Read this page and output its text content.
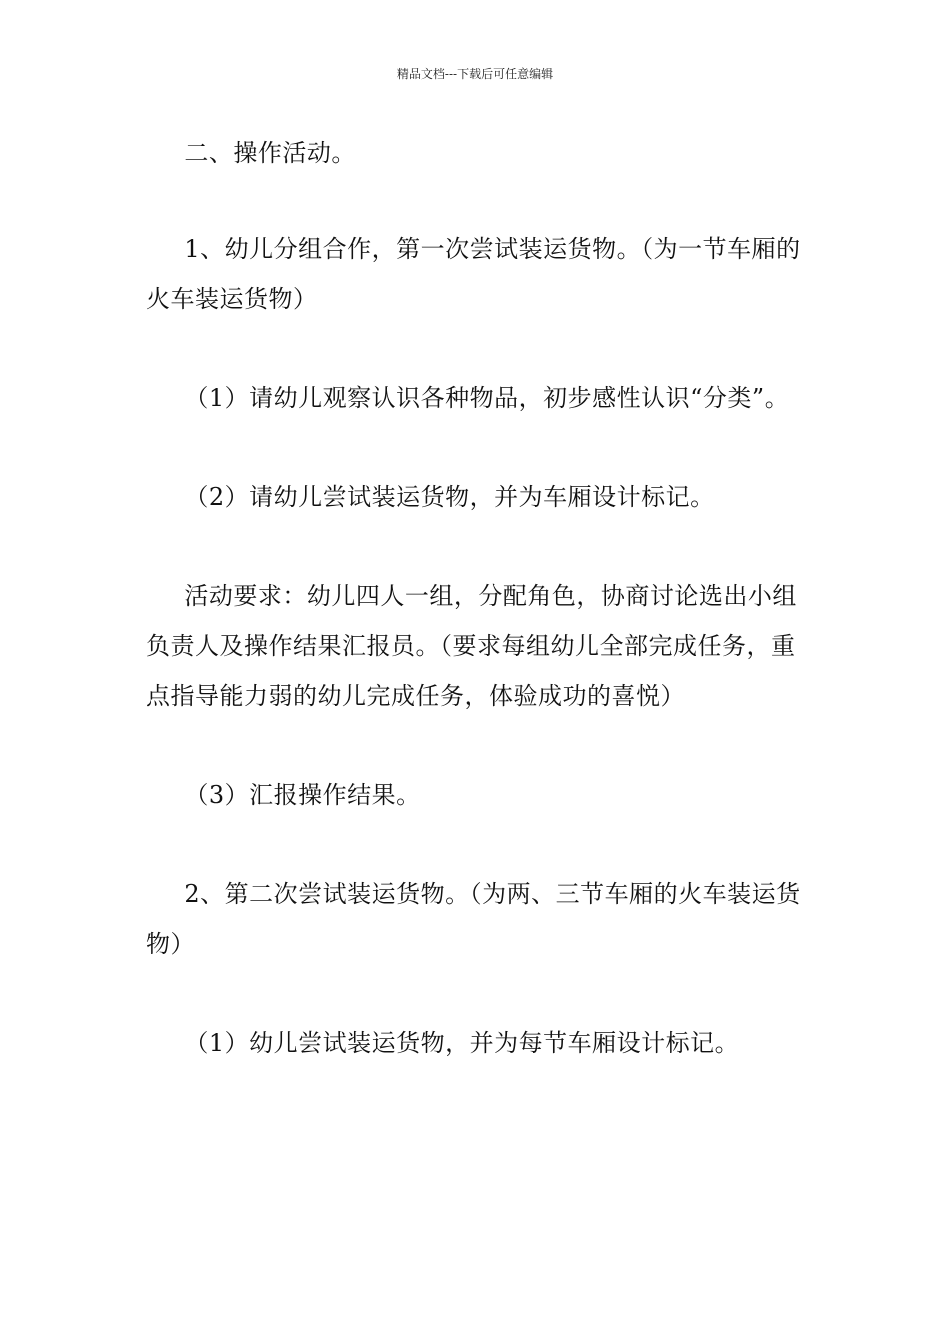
精品文档---下载后可任意编辑

二、操作活动。

1、幼儿分组合作，第一次尝试装运货物。（为一节车厢的火车装运货物）

（1）请幼儿观察认识各种物品，初步感性认识“分类”。

（2）请幼儿尝试装运货物，并为车厢设计标记。

活动要求：幼儿四人一组，分配角色，协商讨论选出小组负责人及操作结果汇报员。（要求每组幼儿全部完成任务，重点指导能力弱的幼儿完成任务，体验成功的喜悦）

（3）汇报操作结果。

2、第二次尝试装运货物。（为两、三节车厢的火车装运货物）

（1）幼儿尝试装运货物，并为每节车厢设计标记。
